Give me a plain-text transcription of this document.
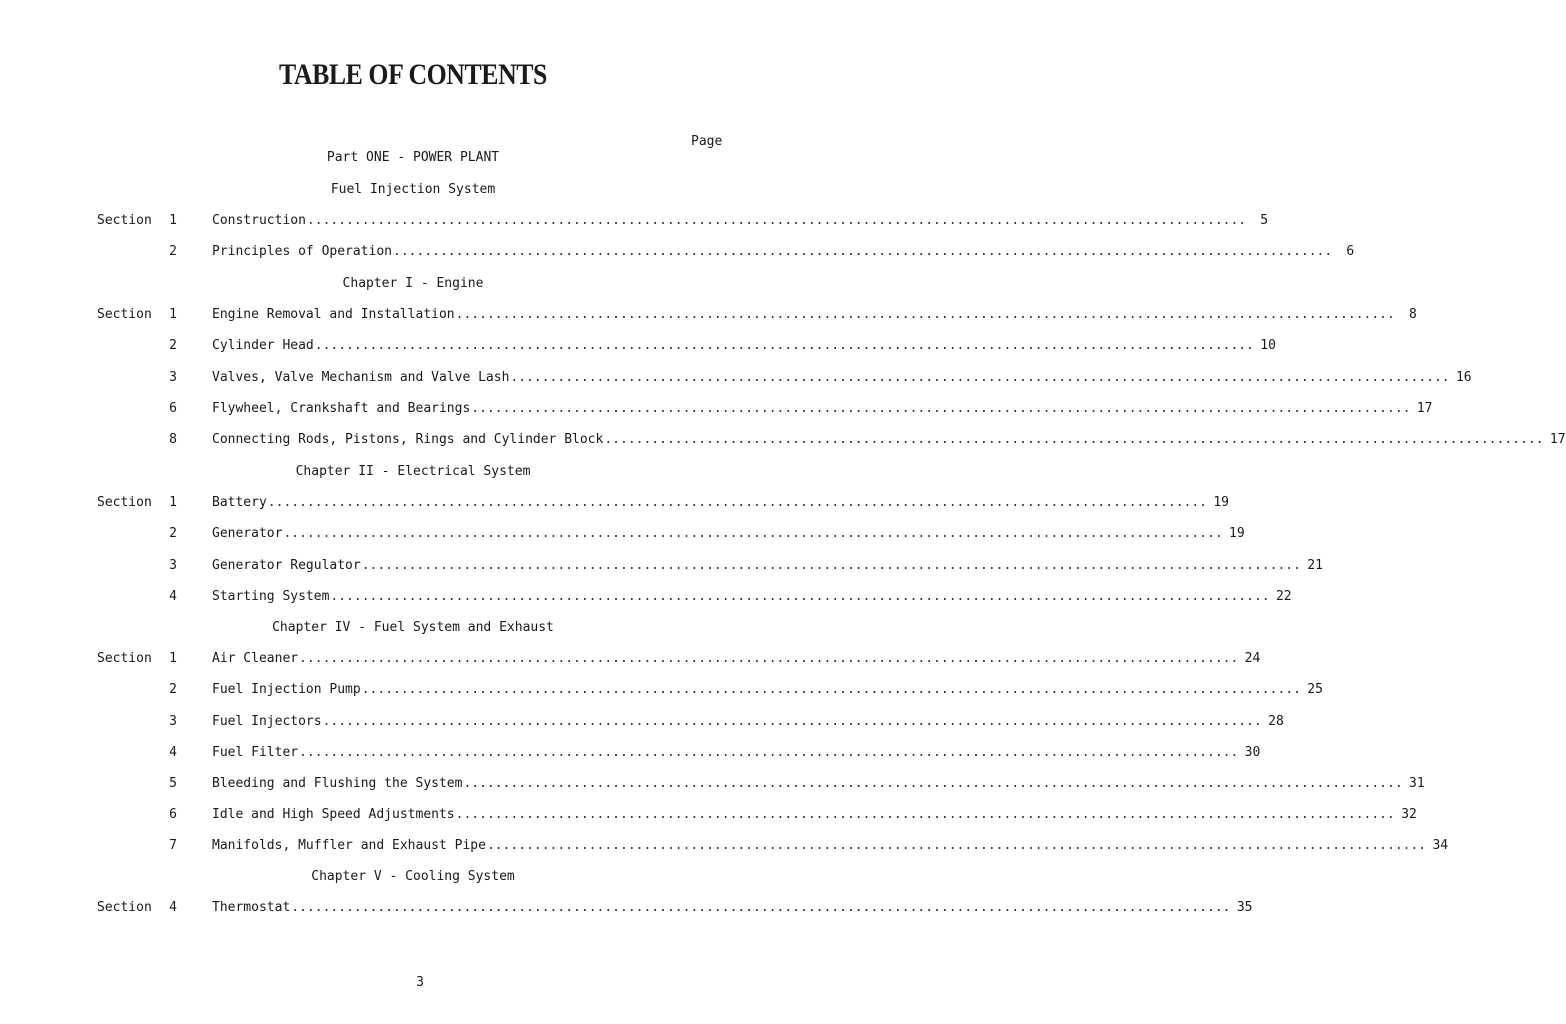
TABLE OF CONTENTS
Page
Part ONE - POWER PLANT
Fuel Injection System
Section	1	Construction ........................................................................................................................	5
2	Principles of Operation ........................................................................................................................	6
Chapter I - Engine
Section	1	Engine Removal and Installation ........................................................................................................................	8
2	Cylinder Head ........................................................................................................................ 10
3	Valves, Valve Mechanism and Valve Lash ........................................................................................................................ 16
6	Flywheel, Crankshaft and Bearings ........................................................................................................................ 17
8	Connecting Rods, Pistons, Rings and Cylinder Block ........................................................................................................................ 17
Chapter II - Electrical System
Section	1	Battery ........................................................................................................................ 19
2	Generator ........................................................................................................................ 19
3	Generator Regulator ........................................................................................................................ 21
4	Starting System ........................................................................................................................ 22
Chapter IV - Fuel System and Exhaust
Section	1	Air Cleaner ........................................................................................................................ 24
2	Fuel Injection Pump ........................................................................................................................ 25
3	Fuel Injectors ........................................................................................................................ 28
4	Fuel Filter ........................................................................................................................ 30
5	Bleeding and Flushing the System ........................................................................................................................ 31
6	Idle and High Speed Adjustments ........................................................................................................................ 32
7	Manifolds, Muffler and Exhaust Pipe ........................................................................................................................ 34
Chapter V - Cooling System
Section	4	Thermostat ........................................................................................................................ 35
3
